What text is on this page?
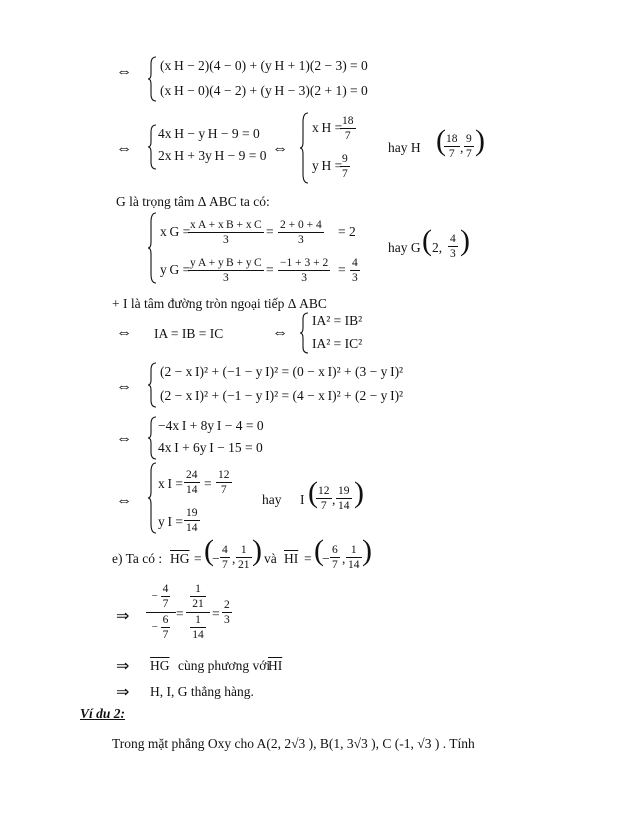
⇔ (x H − 2)(4 − 0) + (y H + 1)(2 − 3) = 0
(x H − 0)(4 − 2) + (y H − 3)(2 + 1) = 0
⇔
4x H − y H − 9 = 0
2x H + 3y H − 9 = 0 ⇔
x H =
$\frac{18}{7}$
y H =
$\frac{9}{7}$
hay H (
$\frac{18}{7}$ , $\frac{9}{7}$ )
G là trọng tâm Δ ABC ta có:
x G =
$\frac{\text{x A + x B + x C}}{3} = \frac{2 + 0 + 4}{3} = 2$
y G =
$\frac{\text{y A + y B + y C}}{3} = \frac{-1 + 3 + 2}{3} = \frac{4}{3}$
hay G ( 2, $\frac{4}{3}$ )
+ I là tâm đường tròn ngoại tiếp Δ ABC
⇔ IA = IB = IC	⇔
IA² = IB²
IA² = IC²
⇔
(2 − x I)² + (−1 − y I)² = (0 − x I)² + (3 − y I)²
(2 − x I)² + (−1 − y I)² = (4 − x I)² + (2 − y I)²
⇔
−4x I + 8y I − 4 = 0
4x I + 6y I − 15 = 0
⇔
x $I = \frac{24}{14} = \frac{12}{7}$
y $I = \frac{19}{14}$
hay I (
$\frac{12}{7}$ , $\frac{19}{14}$ )
e) Ta có : $\overline{HG}$ = (
− $\frac{4}{7}$ , $\frac{1}{21}$ ) và $\overline{HI}$ = (
− $\frac{6}{7}$ , $\frac{1}{14}$ )
⇒
− $\frac{4}{7}$
− $\frac{6}{7}$ =
$\frac{1}{21}$
$\frac{1}{14} = \frac{2}{3}$
⇒ $\overline{HG}$ cùng phương với
$\overline{HI}$
⇒ H, I, G thẳng hàng.
Ví du 2:
Trong mặt phẳng Oxy cho A(2, 2√3 ), B(1, 3√3 ), C (-1, √3 ) . Tính
